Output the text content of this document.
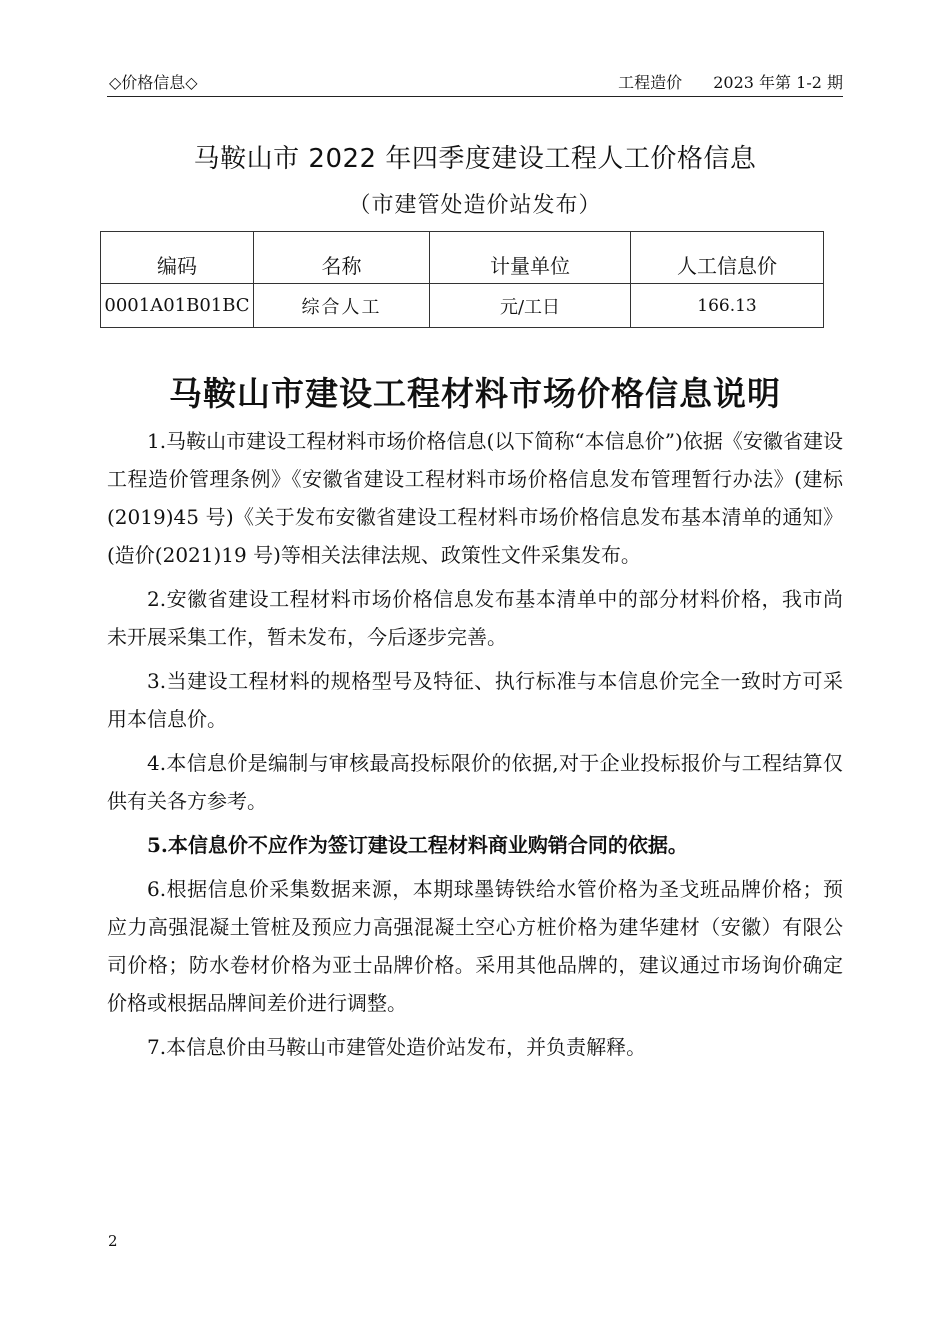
◇价格信息◇	工程造价 2023 年第 1-2 期
马鞍山市 2022 年四季度建设工程人工价格信息
（市建管处造价站发布）
编码	名称	计量单位	人工信息价
0001A01B01BC	综合人工	元/工日	166.13
马鞍山市建设工程材料市场价格信息说明

1.马鞍山市建设工程材料市场价格信息(以下简称“本信息价”)依据《安徽省建设工程造价管理条例》《安徽省建设工程材料市场价格信息发布管理暂行办法》(建标(2019)45 号)《关于发布安徽省建设工程材料市场价格信息发布基本清单的通知》(造价(2021)19 号)等相关法律法规、政策性文件采集发布。

2.安徽省建设工程材料市场价格信息发布基本清单中的部分材料价格，我市尚未开展采集工作，暂未发布，今后逐步完善。

3.当建设工程材料的规格型号及特征、执行标准与本信息价完全一致时方可采用本信息价。

4.本信息价是编制与审核最高投标限价的依据,对于企业投标报价与工程结算仅供有关各方参考。

5.本信息价不应作为签订建设工程材料商业购销合同的依据。

6.根据信息价采集数据来源，本期球墨铸铁给水管价格为圣戈班品牌价格；预应力高强混凝土管桩及预应力高强混凝土空心方桩价格为建华建材（安徽）有限公司价格；防水卷材价格为亚士品牌价格。采用其他品牌的，建议通过市场询价确定价格或根据品牌间差价进行调整。

7.本信息价由马鞍山市建管处造价站发布，并负责解释。

2
